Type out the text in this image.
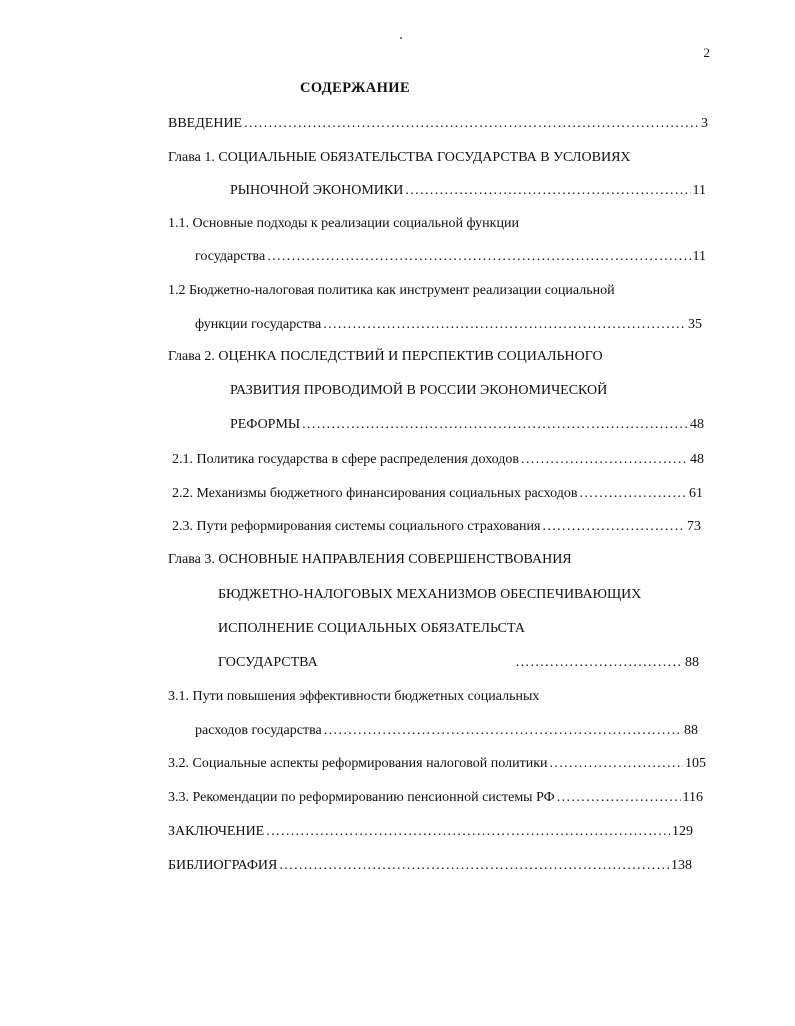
2
СОДЕРЖАНИЕ
ВВЕДЕНИЕ .....	3
Глава 1. СОЦИАЛЬНЫЕ ОБЯЗАТЕЛЬСТВА ГОСУДАРСТВА В УСЛОВИЯХ
РЫНОЧНОЙ ЭКОНОМИКИ .....	11
1.1. Основные подходы к реализации социальной функции
государства .....	11
1.2 Бюджетно-налоговая политика как инструмент реализации социальной
функции государства .....	35
Глава 2. ОЦЕНКА ПОСЛЕДСТВИЙ И ПЕРСПЕКТИВ СОЦИАЛЬНОГО
РАЗВИТИЯ ПРОВОДИМОЙ В РОССИИ ЭКОНОМИЧЕСКОЙ
РЕФОРМЫ .....	48
2.1. Политика государства в сфере распределения доходов .....	48
2.2. Механизмы бюджетного финансирования социальных расходов .....	61
2.3. Пути реформирования системы социального страхования .....	73
Глава 3. ОСНОВНЫЕ НАПРАВЛЕНИЯ СОВЕРШЕНСТВОВАНИЯ
БЮДЖЕТНО-НАЛОГОВЫХ МЕХАНИЗМОВ ОБЕСПЕЧИВАЮЩИХ
ИСПОЛНЕНИЕ СОЦИАЛЬНЫХ ОБЯЗАТЕЛЬСТА
ГОСУДАРСТВА .....	88
3.1. Пути повышения эффективности бюджетных социальных
расходов государства .....	88
3.2. Социальные аспекты реформирования налоговой политики .....	105
3.3. Рекомендации по реформированию пенсионной системы РФ .....	116
ЗАКЛЮЧЕНИЕ .....	129
БИБЛИОГРАФИЯ .....	138
